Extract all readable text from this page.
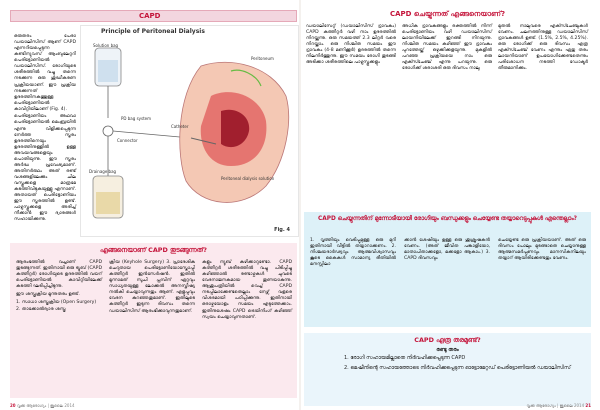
CAPD

ഒരുതരം പേരാ ഡയാലിസിസ് ആണ് CAPD എന്നറിയപ്പെടുന്ന കണ്ടിന്യുവസ് ആംബുലേറ്ററി പെരിട്ടോണിയൽ ഡയാലിസിസ്. രോഗിയുടെ ശരീരത്തിൽ വച്ചു തന്നെ നടക്കുന്ന ഒരു ശുദ്ധീകരണ പ്രക്രിയയാണ്. ഈ പ്രക്രിയ നടക്കുന്നത് ഉദരത്തിനകത്തുള്ള പെരിട്ടോണിയൽ കാവിറ്റിയിലാണ് (Fig. 4).

പെരിട്ടോണിയം അഥവാ പെരിട്ടോണിയൽ മെംബ്രയിൻ എന്നു വിളിക്കപ്പെടുന്ന നേർത്ത സ്തരം ഉദരത്തിനെയും ഉദരത്തിനുള്ളിൽ ഉള്ള അവയവങ്ങളെയും പൊതിയുന്നു. ഈ സ്തരം അർദ്ധ പ്രവേശ്യമാണ്. അതിനർത്ഥം അത് രണ്ട് വശങ്ങളിലേക്കും ചില വസ്തുക്കളെ മാത്രമേ കടത്തിവിടുകയുള്ളൂ എന്നാണ്. അതായത് പെരിട്ടോണിയം ഈ സ്തരത്തിൽ ഉണ്ട്. പാഴ്വസ്തുക്കളെ അരിച്ച് നീക്കാൻ ഈ ദ്വാരങ്ങൾ സഹായിക്കുന്നു.

Principle of Peritoneal Dialysis
Solution bag
Peritoneum
PD bag system
Catheter
Connector
Drainage bag
Peritoneal dialysis solution
Fig. 4
എങ്ങനെയാണ് CAPD തുടങ്ങുന്നത്?

ആരംഭത്തിൽ വച്ചാണ് CAPD തുടങ്ങുന്നത്. ഇതിനായി ഒരു ട്യൂബ് (CAPD കത്തീറ്റർ) രോഗിയുടെ ഉദരത്തിൽ വയറ് പെരിട്ടോണിയൽ കാവിറ്റിയിലേക്ക് കടത്തി ഘടിപ്പിച്ചിടുന്നു.

ഈ ശസ്ത്രക്രിയ മൂന്നുതരം ഉണ്ട്.

1. സാധാ ശസ്ത്രക്രിയ (Open Surgery)

2. താക്കോൽദ്വാര ശസ്ത്ര

ക്രിയ (Keyhole Surgery) 3. പ്രാദേശിക ചെറുതായ പെരിട്ടോണിയോസ്കോപ്പി കത്തീറ്റർ ഇൻസേർഷൻ. ഇതിൽ മൂന്നാമത് സൂചി പ്ലമ്പിന് ഏറ്റവും സാധ്യതയുള്ള ലോക്കൽ അനസ്തീഷ്യ നൽകി ചെയ്യാവുന്നതും ആണ്. എളുപ്പവും വേദന കുറഞ്ഞതുമാണ്. ഇതിലൂടെ കത്തീറ്റർ ഇടുന്ന ദിവസം തന്നെ ഡയാലിസിസ് ആരംഭിക്കാവുന്നതുമാണ്.

കളും ന്യൂബ് കഴിക്കാറുണ്ടോ. CAPD കത്തീറ്റർ ശരീരത്തിൽ വച്ചു പിടിപ്പിച്ചു കഴിഞ്ഞാൽ രണ്ടാഴ്ചകൾ ചുവടെ വേദനാജനകമായ തുണയാകുന്നു. ആശുപത്രിയിൽ വെച്ച് CAPD നടപ്പിലാക്കേണ്ടതെല്ലാം നേഴ്സ് വളരെ വിശദമായി പഠിപ്പിക്കുന്നു. ഇതിനായി ഒരാഴ്ചയോളം സമയം എടുത്തേക്കാം. ഇതിനുശേഷം CAPD ട്രെയിനിംഗ് കഴിഞ്ഞ് സ്വയം ചെയ്യാവുന്നതാണ്.

20 വൃക്ക ആരോഗ്യം | ജൂലൈ 2014
CAPD ചെയ്യുന്നത് എങ്ങനെയാണ്?

ഡയാലിസേറ്റ് (ഡയാലിസിസ് ദ്രാവകം) CAPD കത്തീറ്റർ വഴി നാം ഉദരത്തിൽ നിറയ്ക്കുന്നു. ഒരു സമയത്ത് 2.3 ലിറ്റർ വരെ നിറയ്ക്കാം. ഒരു നിശ്ചിത സമയം ഈ ദ്രാവകം (4-8 മണിക്കൂർ) ഉദരത്തിൽ തന്നെ നിലനിർത്തുന്നു. ഈ സമയം രോഗി തുടങ്ങി അടിക്കാ ശരീരത്തിലെ പാഴ്വസ്തുക്കളും

അധിക ദ്രാവകങ്ങളും രക്തത്തിൽ നിന്ന് പെരിട്ടോണിയം വഴി ഡയാലിസിസ് ലായനിയിലേക്ക് ഇറങ്ങി നിറയുന്നു. നിശ്ചിത സമയം കഴിഞ്ഞ് ഈ ദ്രാവകം പുറത്തേയ്ക്ക് ഒഴുക്കിക്കളയുന്നു. മുകളിൽ പറഞ്ഞ പ്രക്രിയയെ നാം ഒരു എക്സ്ചേഞ്ച് എന്നു പറയുന്നു. ഒരു രോഗിക്ക് ശരാശരി ഒരു ദിവസം നാലു

മുതൽ നാലുവരെ എക്സ്ചേഞ്ചുകൾ വേണം. ചലനത്തിനുള്ള ഡയാലിസിസ് ദ്രാവകങ്ങൾ ഉണ്ട്. (1.5%, 2.5%, 4.25%). ഒരു രോഗിക്ക് ഒരു ദിവസം എത്ര എക്സ്ചേഞ്ച് വേണം എന്നും ഏതു തരം ലായനിയാണ് ഉപയോഗിക്കേണ്ടതെന്നും പരിശോധന നടത്തി ഡോക്ടർ തീരുമാനിക്കും.

CAPD ചെയ്യുന്നതിന് മുന്നോടിയായി രോഗിയും ബന്ധുക്കളും ചെയ്യേണ്ട തയ്യാറെടുപ്പുകൾ എന്തെല്ലാം?

1. വൃത്തിയും വെടിപ്പുമുള്ള ഒരു മുറി ഇതിനായി വീട്ടിൽ തയ്യാറാക്കണം. 2. നിശ്ചയദാർഢ്യവും ആത്മവിശ്വാസവും കൂടെ കൈകൾ സാമാന്യ രീതിയിൽ മനസ്സിലാ

ക്കാൻ ശേഷിയും ഉള്ള ഒരു ശുശ്രൂഷകൻ വേണം. (അത് ജീവിത പങ്കാളിയോ, മാതാപിതാക്കളോ, മക്കളോ ആകാം.) 3. CAPD ദിവസവും

ചെയ്യേണ്ട ഒരു പ്രക്രിയയാണ്. അത് ഒരു ദിവസം പോലും മുടങ്ങാതെ ചെയ്യാനുള്ള ആത്മസമർപ്പണവും മാനസികനിലയും തയ്യാറ് ആയിരിക്കേണ്ടതും വേണം.

CAPD എത്ര തരമുണ്ട്?
രണ്ടു തരം
1. രോഗി സഹായമില്ലാതെ നിർവഹിക്കപ്പെടുന്ന CAPD
2. മെഷീനിന്റെ സഹായത്തോടെ നിർവഹിക്കപ്പെടുന്ന ഓട്ടോമേറ്റഡ് പെരിട്ടോണിയൽ ഡയാലിസിസ്
വൃക്ക ആരോഗ്യം | ജൂലൈ 2014 21
